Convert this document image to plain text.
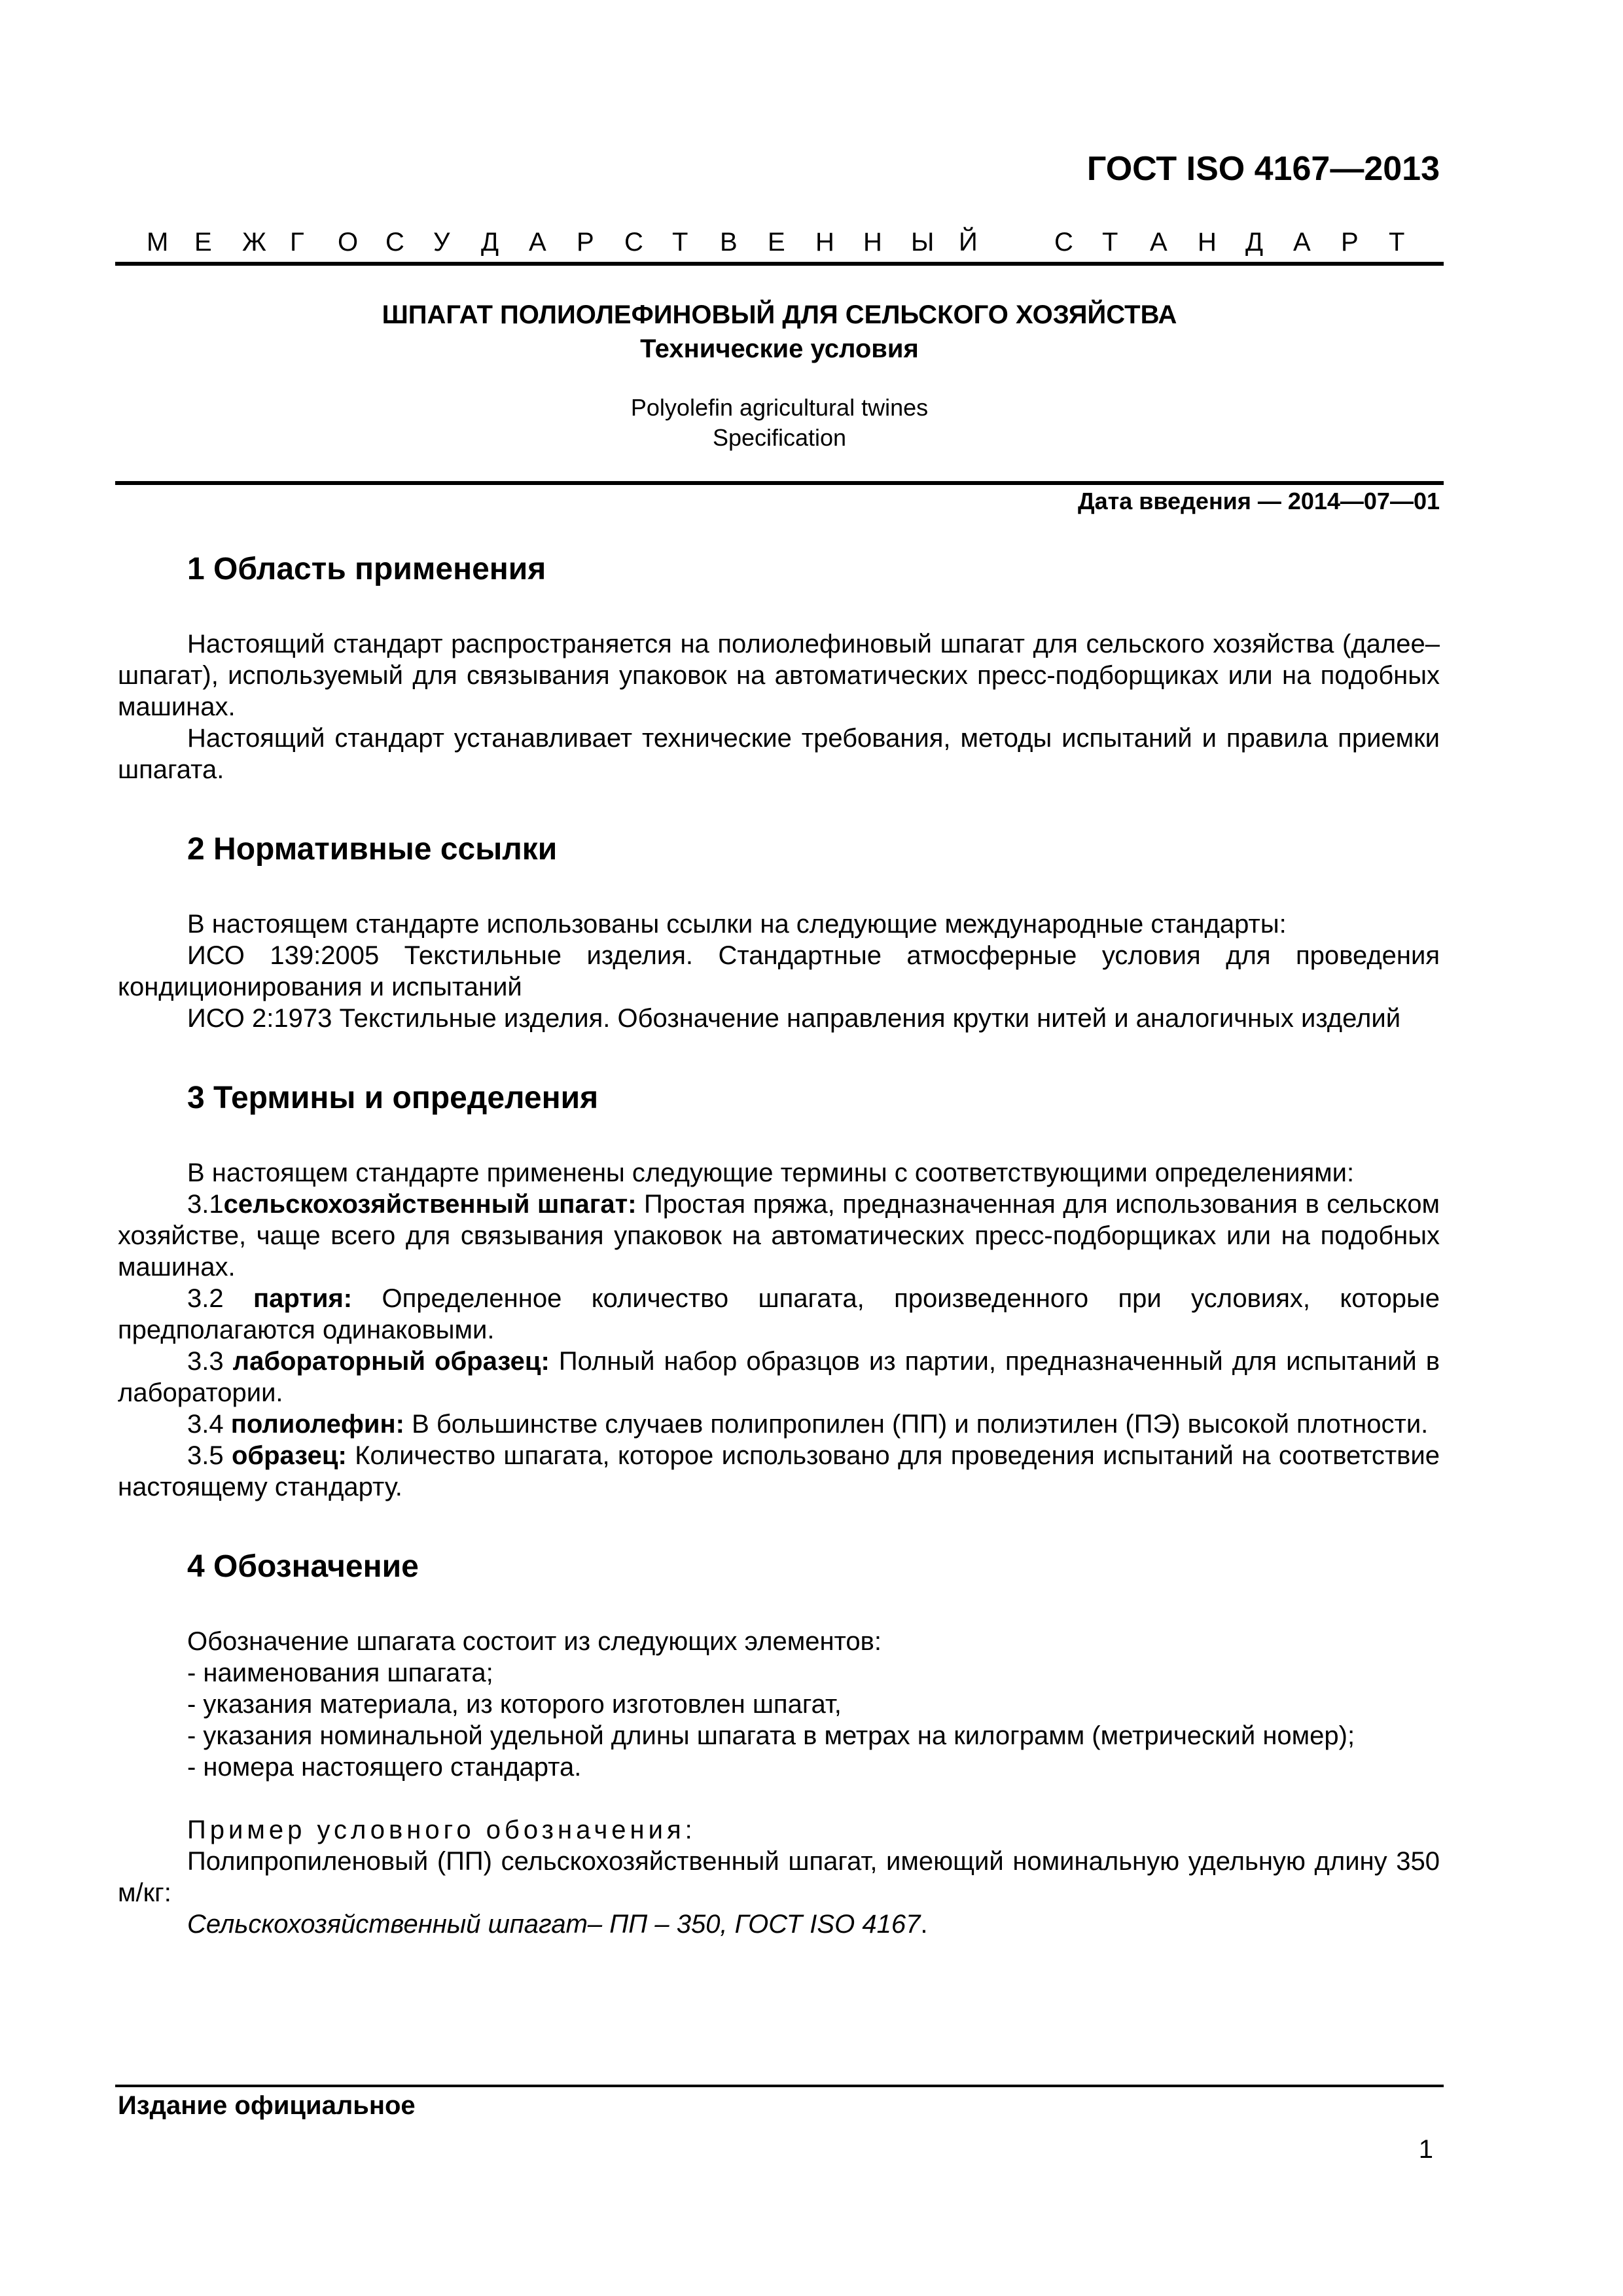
ГОСТ ISO 4167—2013
М Е Ж Г О С У Д А Р С Т В Е Н Н Ы Й	С Т А Н Д А Р Т
ШПАГАТ ПОЛИОЛЕФИНОВЫЙ ДЛЯ СЕЛЬСКОГО ХОЗЯЙСТВА
Технические условия
Polyolefin agricultural twines
Specification
Дата введения — 2014—07—01
1 Область применения

Настоящий стандарт распространяется на полиолефиновый шпагат для сельского хозяйства (далее–шпагат), используемый для связывания упаковок на автоматических пресс-подборщиках или на подобных машинах.

Настоящий стандарт устанавливает технические требования, методы испытаний и правила приемки шпагата.

2 Нормативные ссылки

В настоящем стандарте использованы ссылки на следующие международные стандарты:

ИСО 139:2005 Текстильные изделия. Стандартные атмосферные условия для проведения кондиционирования и испытаний

ИСО 2:1973 Текстильные изделия. Обозначение направления крутки нитей и аналогичных изделий

3 Термины и определения

В настоящем стандарте применены следующие термины с соответствующими определениями:

3.1сельскохозяйственный шпагат: Простая пряжа, предназначенная для использования в сельском хозяйстве, чаще всего для связывания упаковок на автоматических пресс-подборщиках или на подобных машинах.

3.2 партия: Определенное количество шпагата, произведенного при условиях, которые предполагаются одинаковыми.

3.3 лабораторный образец: Полный набор образцов из партии, предназначенный для испытаний в лаборатории.

3.4 полиолефин: В большинстве случаев полипропилен (ПП) и полиэтилен (ПЭ) высокой плотности.

3.5 образец: Количество шпагата, которое использовано для проведения испытаний на соответствие настоящему стандарту.

4 Обозначение

Обозначение шпагата состоит из следующих элементов:

- наименования шпагата;

- указания материала, из которого изготовлен шпагат,

- указания номинальной удельной длины шпагата в метрах на килограмм (метрический номер);

- номера настоящего стандарта.

Пример условного обозначения:

Полипропиленовый (ПП) сельскохозяйственный шпагат, имеющий номинальную удельную длину 350 м/кг:

Сельскохозяйственный шпагат– ПП – 350, ГОСТ ISO 4167.

Издание официальное
1
